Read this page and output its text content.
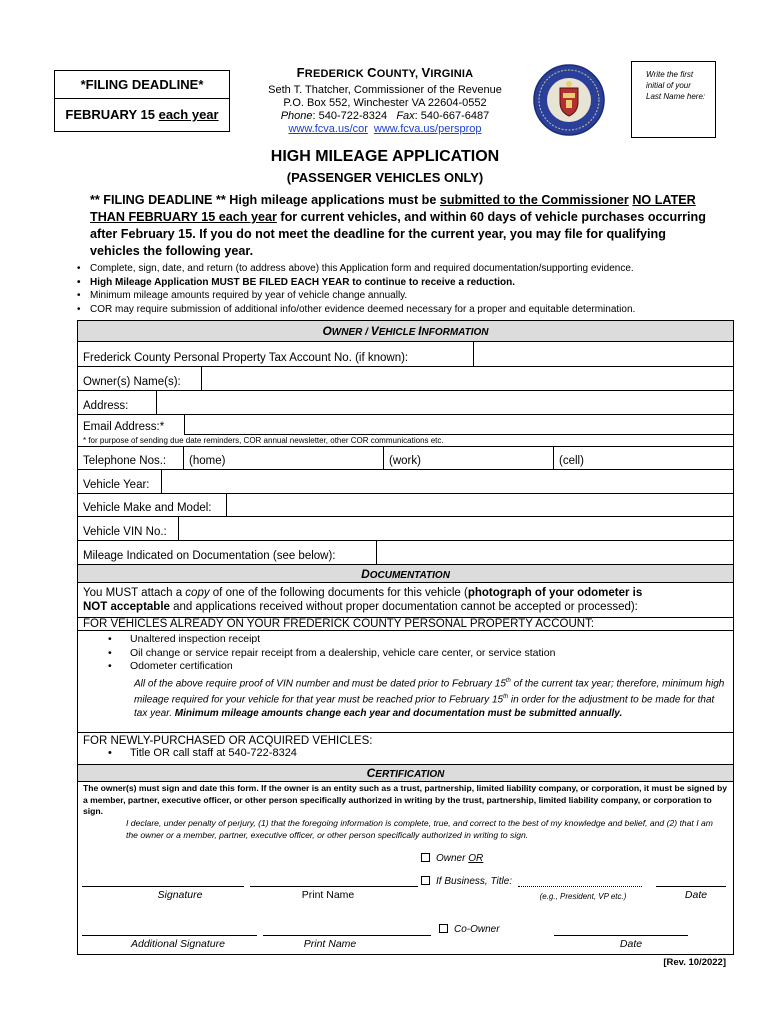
*FILING DEADLINE*
FEBRUARY 15 each year
FREDERICK COUNTY, VIRGINIA
Seth T. Thatcher, Commissioner of the Revenue
P.O. Box 552, Winchester VA 22604-0552
Phone: 540-722-8324 Fax: 540-667-6487
www.fcva.us/cor www.fcva.us/persprop
Write the first
initial of your
Last Name here:
HIGH MILEAGE APPLICATION
(PASSENGER VEHICLES ONLY)
** FILING DEADLINE ** High mileage applications must be submitted to the Commissioner NO LATER THAN FEBRUARY 15 each year for current vehicles, and within 60 days of vehicle purchases occurring after February 15. If you do not meet the deadline for the current year, you may file for qualifying vehicles the following year.
• Complete, sign, date, and return (to address above) this Application form and required documentation/supporting evidence.
• High Mileage Application MUST BE FILED EACH YEAR to continue to receive a reduction.
• Minimum mileage amounts required by year of vehicle change annually.
• COR may require submission of additional info/other evidence deemed necessary for a proper and equitable determination.
OWNER / VEHICLE INFORMATION
Frederick County Personal Property Tax Account No. (if known):
Owner(s) Name(s):
Address:
Email Address:*
* for purpose of sending due date reminders, COR annual newsletter, other COR communications etc.
Telephone Nos.: (home)	(work)	(cell)
Vehicle Year:
Vehicle Make and Model:
Vehicle VIN No.:
Mileage Indicated on Documentation (see below):
DOCUMENTATION
You MUST attach a copy of one of the following documents for this vehicle (photograph of your odometer is
NOT acceptable and applications received without proper documentation cannot be accepted or processed):
FOR VEHICLES ALREADY ON YOUR FREDERICK COUNTY PERSONAL PROPERTY ACCOUNT:
• Unaltered inspection receipt
• Oil change or service repair receipt from a dealership, vehicle care center, or service station
• Odometer certification
All of the above require proof of VIN number and must be dated prior to February 15th of the current tax year; therefore, minimum high mileage required for your vehicle for that year must be reached prior to February 15th in order for the adjustment to be made for that tax year. Minimum mileage amounts change each year and documentation must be submitted annually.
FOR NEWLY-PURCHASED OR ACQUIRED VEHICLES:
• Title OR call staff at 540-722-8324
CERTIFICATION
The owner(s) must sign and date this form. If the owner is an entity such as a trust, partnership, limited liability company, or corporation, it must be signed by a member, partner, executive officer, or other person specifically authorized in writing by the trust, partnership, limited liability company, or corporation to sign.
I declare, under penalty of perjury, (1) that the foregoing information is complete, true, and correct to the best of my knowledge and belief, and (2) that I am the owner or a member, partner, executive officer, or other person specifically authorized in writing to sign.
Owner OR
If Business, Title:
Signature	Print Name	(e.g., President, VP etc.)	Date
Co-Owner
Additional Signature	Print Name	Date
[Rev. 10/2022]
